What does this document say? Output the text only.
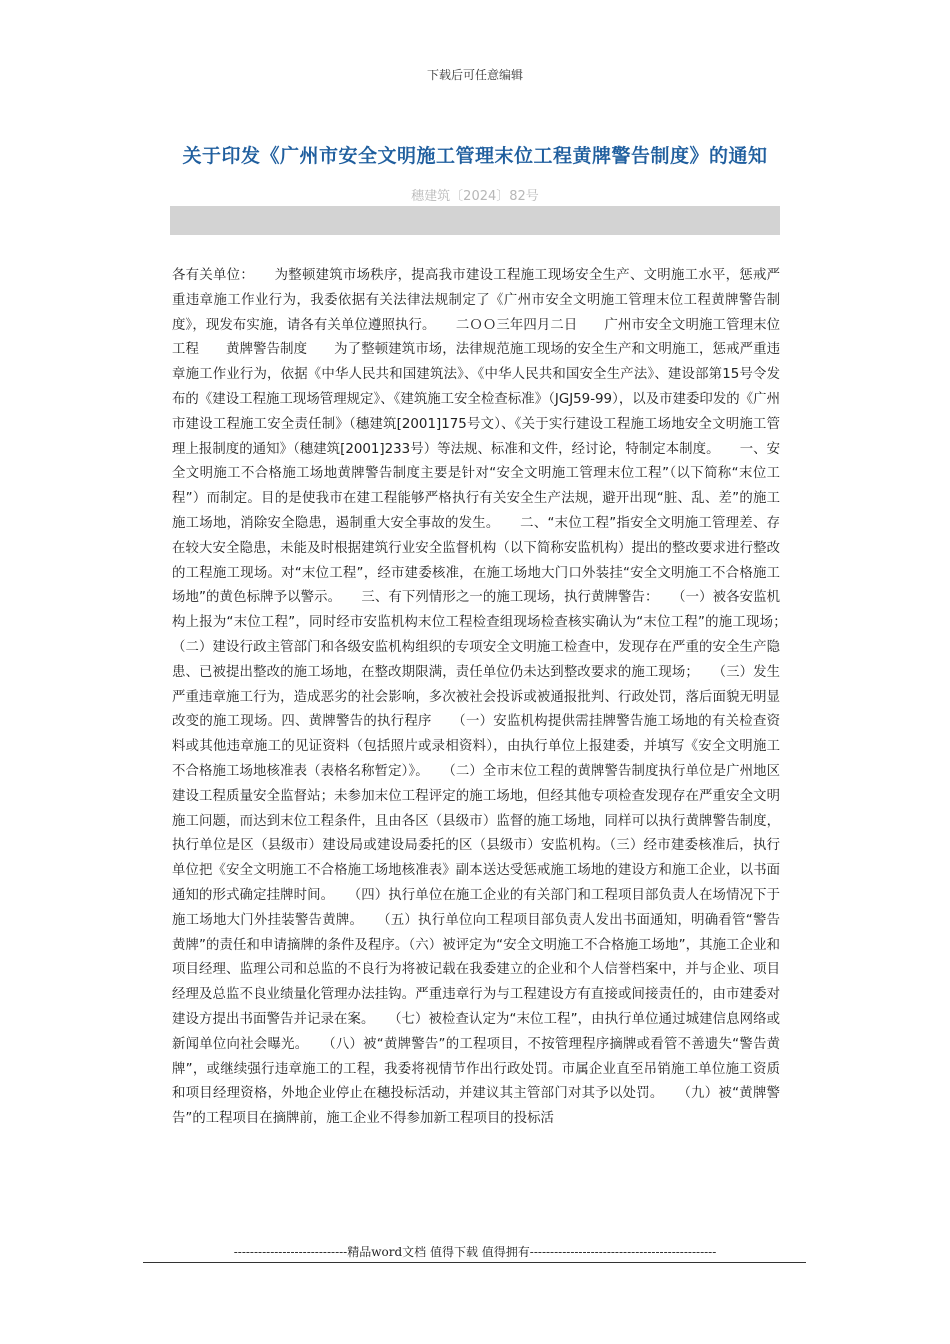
下载后可任意编辑
关于印发《广州市安全文明施工管理末位工程黄牌警告制度》的通知
穗建筑〔2024〕82号
各有关单位：　　为整顿建筑市场秩序，提高我市建设工程施工现场安全生产、文明施工水平，惩戒严重违章施工作业行为，我委依据有关法律法规制定了《广州市安全文明施工管理末位工程黄牌警告制度》，现发布实施，请各有关单位遵照执行。　　二ＯＯ三年四月二日　　广州市安全文明施工管理末位工程　　黄牌警告制度　　为了整顿建筑市场，法律规范施工现场的安全生产和文明施工，惩戒严重违章施工作业行为，依据《中华人民共和国建筑法》、《中华人民共和国安全生产法》、建设部第15号令发布的《建设工程施工现场管理规定》、《建筑施工安全检查标准》（JGJ59-99），以及市建委印发的《广州市建设工程施工安全责任制》（穗建筑[2001]175号文）、《关于实行建设工程施工场地安全文明施工管理上报制度的通知》（穗建筑[2001]233号）等法规、标准和文件，经讨论，特制定本制度。　　一、安全文明施工不合格施工场地黄牌警告制度主要是针对“安全文明施工管理末位工程”（以下简称“末位工程”）而制定。目的是使我市在建工程能够严格执行有关安全生产法规，避开出现“脏、乱、差”的施工施工场地，消除安全隐患，遏制重大安全事故的发生。　　二、“末位工程”指安全文明施工管理差、存在较大安全隐患，未能及时根据建筑行业安全监督机构（以下简称安监机构）提出的整改要求进行整改的工程施工现场。对“末位工程”，经市建委核准，在施工场地大门口外装挂“安全文明施工不合格施工场地”的黄色标牌予以警示。　　三、有下列情形之一的施工现场，执行黄牌警告：　　（一）被各安监机构上报为“末位工程”，同时经市安监机构末位工程检查组现场检查核实确认为“末位工程”的施工现场；　　（二）建设行政主管部门和各级安监机构组织的专项安全文明施工检查中，发现存在严重的安全生产隐患、已被提出整改的施工场地，在整改期限满，责任单位仍未达到整改要求的施工现场；　　（三）发生严重违章施工行为，造成恶劣的社会影响，多次被社会投诉或被通报批判、行政处罚，落后面貌无明显改变的施工现场。四、黄牌警告的执行程序　　（一）安监机构提供需挂牌警告施工场地的有关检查资料或其他违章施工的见证资料（包括照片或录相资料），由执行单位上报建委，并填写《安全文明施工不合格施工场地核准表（表格名称暂定）》。　　（二）全市末位工程的黄牌警告制度执行单位是广州地区建设工程质量安全监督站；未参加末位工程评定的施工场地，但经其他专项检查发现存在严重安全文明施工问题，而达到末位工程条件，且由各区（县级市）监督的施工场地，同样可以执行黄牌警告制度，执行单位是区（县级市）建设局或建设局委托的区（县级市）安监机构。（三）经市建委核准后，执行单位把《安全文明施工不合格施工场地核准表》副本送达受惩戒施工场地的建设方和施工企业，以书面通知的形式确定挂牌时间。　　（四）执行单位在施工企业的有关部门和工程项目部负责人在场情况下于施工场地大门外挂装警告黄牌。　　（五）执行单位向工程项目部负责人发出书面通知，明确看管“警告黄牌”的责任和申请摘牌的条件及程序。（六）被评定为“安全文明施工不合格施工场地”，其施工企业和项目经理、监理公司和总监的不良行为将被记载在我委建立的企业和个人信誉档案中，并与企业、项目经理及总监不良业绩量化管理办法挂钩。严重违章行为与工程建设方有直接或间接责任的，由市建委对建设方提出书面警告并记录在案。　　（七）被检查认定为“末位工程”，由执行单位通过城建信息网络或新闻单位向社会曝光。　　（八）被“黄牌警告”的工程项目，不按管理程序摘牌或看管不善遗失“警告黄牌”，或继续强行违章施工的工程，我委将视情节作出行政处罚。市属企业直至吊销施工单位施工资质和项目经理资格，外地企业停止在穗投标活动，并建议其主管部门对其予以处罚。　　（九）被“黄牌警告”的工程项目在摘牌前，施工企业不得参加新工程项目的投标活
----------------------------精品word文档 值得下载 值得拥有----------------------------------------------
